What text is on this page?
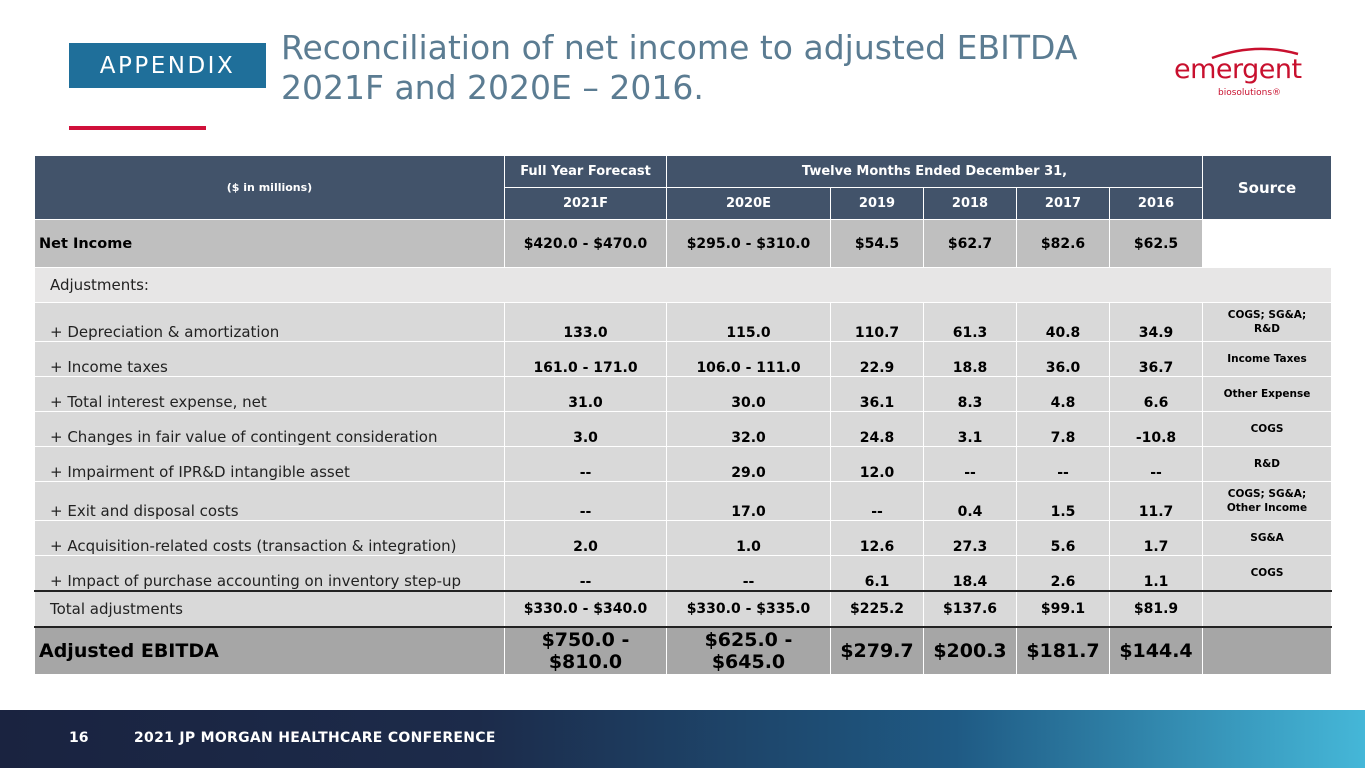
APPENDIX	Reconciliation of net income to adjusted EBITDA
2021F and 2020E – 2016.	emergent
biosolutions®
($ in millions)	Full Year Forecast	Twelve Months Ended December 31,					Source
	2021F	2020E	2019	2018	2017	2016	
Net Income	$420.0 - $470.0	$295.0 - $310.0	$54.5	$62.7	$82.6	$62.5	
Adjustments:							
+ Depreciation & amortization	133.0	115.0	110.7	61.3	40.8	34.9	COGS; SG&A;
R&D
+ Income taxes	161.0 - 171.0	106.0 - 111.0	22.9	18.8	36.0	36.7	Income Taxes
+ Total interest expense, net	31.0	30.0	36.1	8.3	4.8	6.6	Other Expense
+ Changes in fair value of contingent consideration	3.0	32.0	24.8	3.1	7.8	-10.8	COGS
+ Impairment of IPR&D intangible asset	--	29.0	12.0	--	--	--	R&D
+ Exit and disposal costs	--	17.0	--	0.4	1.5	11.7	COGS; SG&A;
Other Income
+ Acquisition-related costs (transaction & integration)	2.0	1.0	12.6	27.3	5.6	1.7	SG&A
+ Impact of purchase accounting on inventory step-up	--	--	6.1	18.4	2.6	1.1	COGS
Total adjustments	$330.0 - $340.0	$330.0 - $335.0	$225.2	$137.6	$99.1	$81.9	
Adjusted EBITDA	$750.0 - $810.0	$625.0 - $645.0	$279.7	$200.3	$181.7	$144.4	
16	2021 JP MORGAN HEALTHCARE CONFERENCE
